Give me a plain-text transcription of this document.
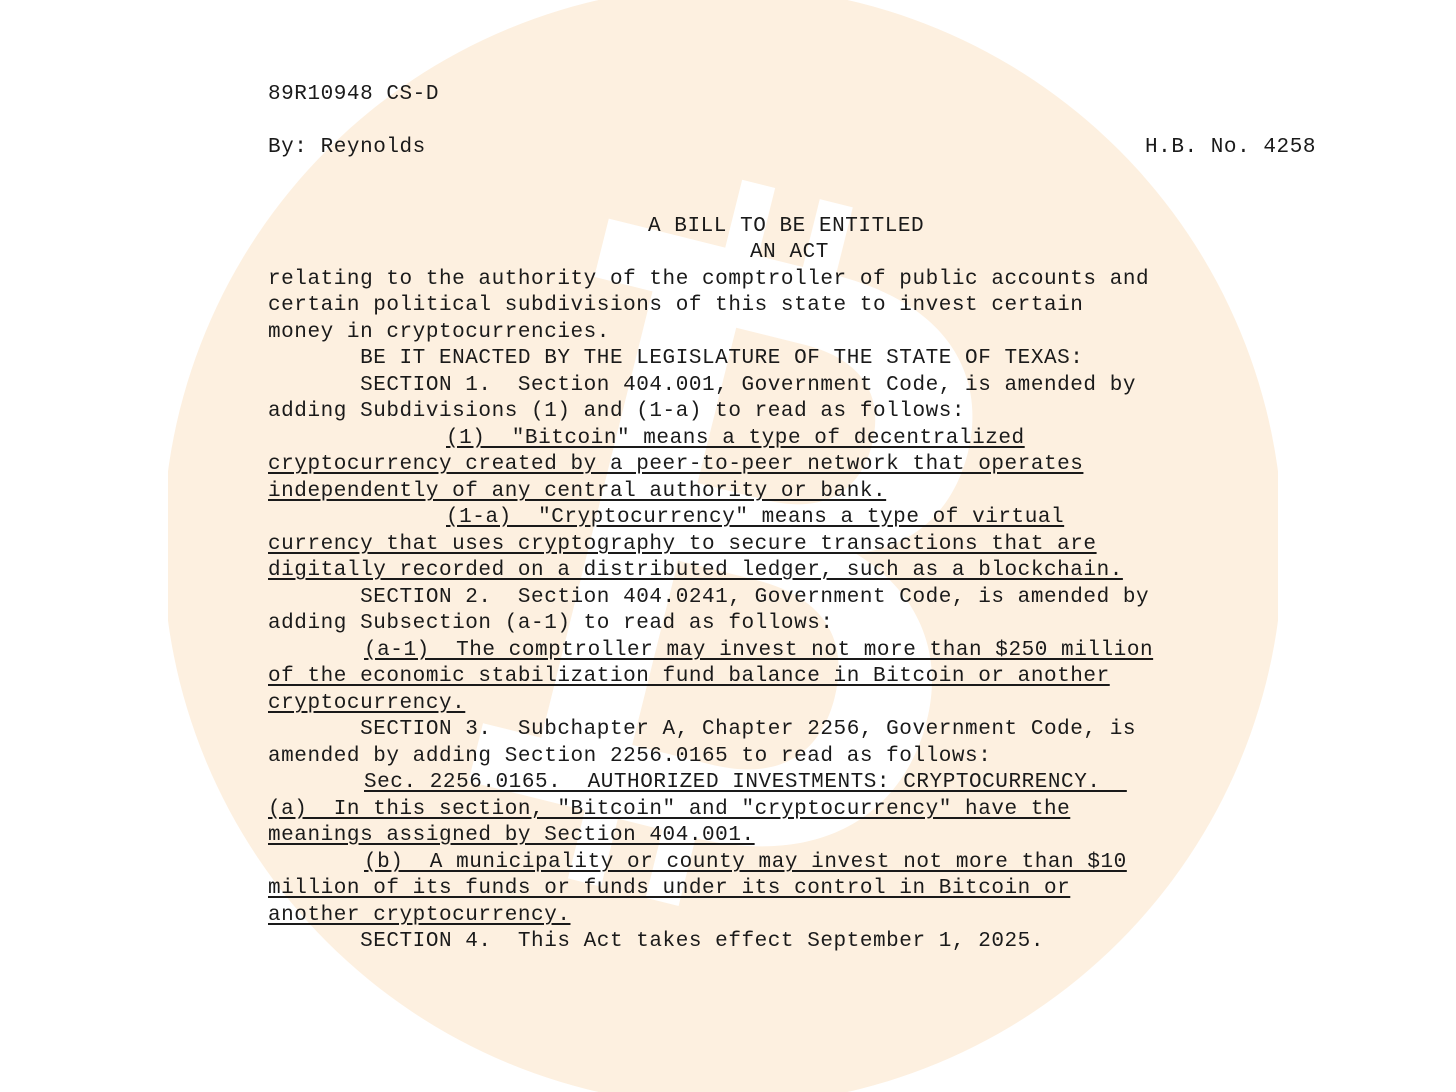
89R10948 CS-D
By: Reynolds	H.B. No. 4258
A BILL TO BE ENTITLED
AN ACT
relating to the authority of the comptroller of public accounts and
certain political subdivisions of this state to invest certain
money in cryptocurrencies.
BE IT ENACTED BY THE LEGISLATURE OF THE STATE OF TEXAS:
SECTION 1.  Section 404.001, Government Code, is amended by
adding Subdivisions (1) and (1-a) to read as follows:
(1)  "Bitcoin" means a type of decentralized
cryptocurrency created by a peer-to-peer network that operates
independently of any central authority or bank.
(1-a)  "Cryptocurrency" means a type of virtual
currency that uses cryptography to secure transactions that are
digitally recorded on a distributed ledger, such as a blockchain.
SECTION 2.  Section 404.0241, Government Code, is amended by
adding Subsection (a-1) to read as follows:
(a-1)  The comptroller may invest not more than $250 million
of the economic stabilization fund balance in Bitcoin or another
cryptocurrency.
SECTION 3.  Subchapter A, Chapter 2256, Government Code, is
amended by adding Section 2256.0165 to read as follows:
Sec. 2256.0165.  AUTHORIZED INVESTMENTS: CRYPTOCURRENCY.
(a)  In this section, "Bitcoin" and "cryptocurrency" have the
meanings assigned by Section 404.001.
(b)  A municipality or county may invest not more than $10
million of its funds or funds under its control in Bitcoin or
another cryptocurrency.
SECTION 4.  This Act takes effect September 1, 2025.
